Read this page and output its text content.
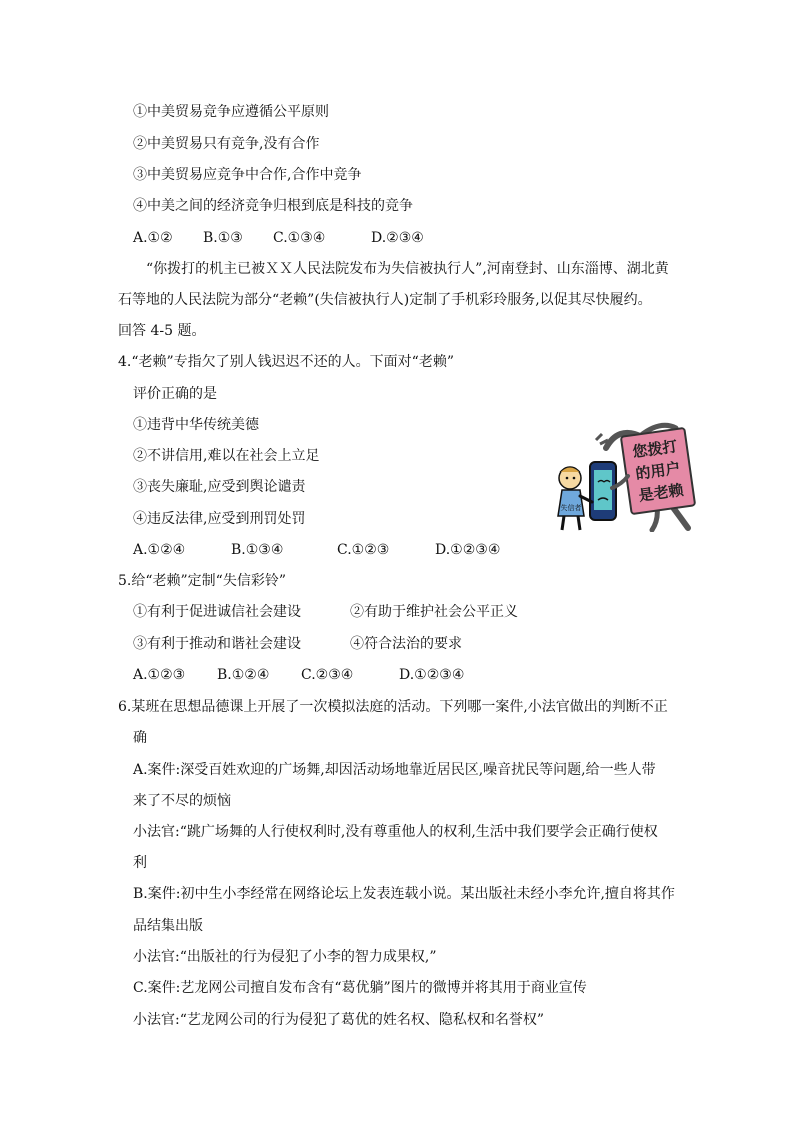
①中美贸易竞争应遵循公平原则
②中美贸易只有竞争,没有合作
③中美贸易应竞争中合作,合作中竞争
④中美之间的经济竞争归根到底是科技的竞争
A.①② B.①③ C.①③④	D.②③④
“你拨打的机主已被ＸＸ人民法院发布为失信被执行人”,河南登封、山东淄博、湖北黄
石等地的人民法院为部分“老赖”(失信被执行人)定制了手机彩玲服务,以促其尽快履约。
回答 4-5 题。
4.“老赖”专指欠了别人钱迟迟不还的人。下面对“老赖”
评价正确的是
①违背中华传统美德
②不讲信用,难以在社会上立足
③丧失廉耻,应受到舆论谴责
④违反法律,应受到刑罚处罚
A.①②④	B.①③④	C.①②③	D.①②③④
您拨打
的用户
是老赖
失信者
5.给“老赖”定制“失信彩铃”
①有利于促进诚信社会建设	②有助于维护社会公平正义
③有利于推动和谐社会建设	④符合法治的要求
A.①②③ B.①②④ C.②③④	D.①②③④
6.某班在思想品德课上开展了一次模拟法庭的活动。下列哪一案件,小法官做出的判断不正
确
A.案件:深受百姓欢迎的广场舞,却因活动场地靠近居民区,噪音扰民等问题,给一些人带
来了不尽的烦恼
小法官:“跳广场舞的人行使权利时,没有尊重他人的权利,生活中我们要学会正确行使权
利
B.案件:初中生小李经常在网络论坛上发表连载小说。某出版社未经小李允许,擅自将其作
品结集出版
小法官:“出版社的行为侵犯了小李的智力成果权,”
C.案件:艺龙网公司擅自发布含有“葛优躺”图片的微博并将其用于商业宣传
小法官:“艺龙网公司的行为侵犯了葛优的姓名权、隐私权和名誉权”
